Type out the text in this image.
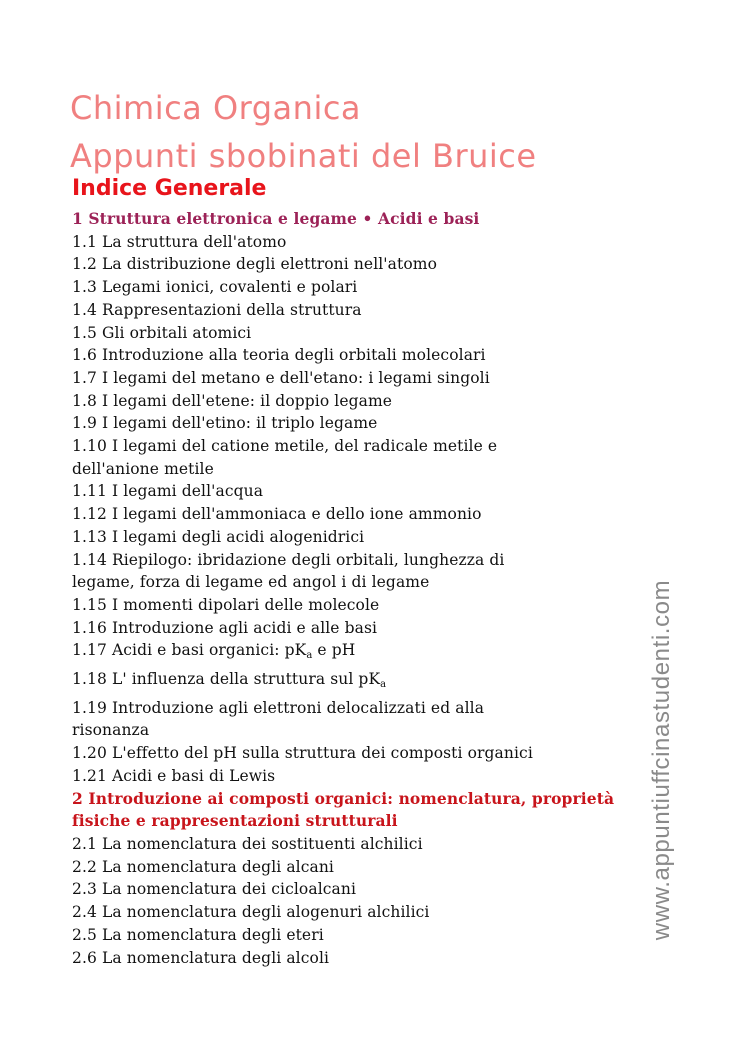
Chimica Organica
Appunti sbobinati del Bruice
Indice Generale
1 Struttura elettronica e legame • Acidi e basi
1.1 La struttura dell'atomo
1.2 La distribuzione degli elettroni nell'atomo
1.3 Legami ionici, covalenti e polari
1.4 Rappresentazioni della struttura
1.5 Gli orbitali atomici
1.6 Introduzione alla teoria degli orbitali molecolari
1.7 I legami del metano e dell'etano: i legami singoli
1.8 I legami dell'etene: il doppio legame
1.9 I legami dell'etino: il triplo legame
1.10 I legami del catione metile, del radicale metile e
dell'anione metile
1.11 I legami dell'acqua
1.12 I legami dell'ammoniaca e dello ione ammonio
1.13 I legami degli acidi alogenidrici
1.14 Riepilogo: ibridazione degli orbitali, lunghezza di
legame, forza di legame ed angol i di legame
1.15 I momenti dipolari delle molecole
1.16 Introduzione agli acidi e alle basi
1.17 Acidi e basi organici: $pK_a$ e pH
1.18 L' influenza della struttura sul $pK_a$
1.19 Introduzione agli elettroni delocalizzati ed alla
risonanza
1.20 L'effetto del pH sulla struttura dei composti organici
1.21 Acidi e basi di Lewis
2 Introduzione ai composti organici: nomenclatura, proprietà
fisiche e rappresentazioni strutturali
2.1 La nomenclatura dei sostituenti alchilici
2.2 La nomenclatura degli alcani
2.3 La nomenclatura dei cicloalcani
2.4 La nomenclatura degli alogenuri alchilici
2.5 La nomenclatura degli eteri
2.6 La nomenclatura degli alcoli
www.appuntiuffcinastudenti.com
